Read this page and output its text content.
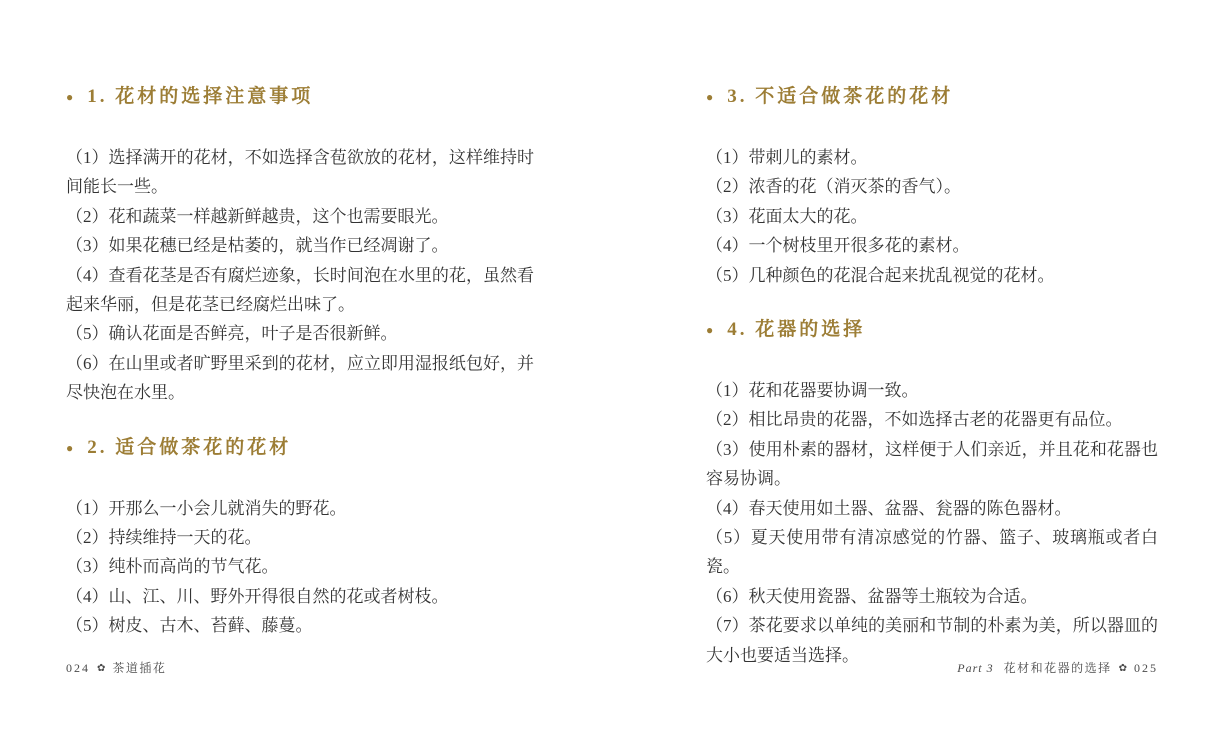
● 1. 花材的选择注意事项

（1）选择满开的花材，不如选择含苞欲放的花材，这样维持时间能长一些。

（2）花和蔬菜一样越新鲜越贵，这个也需要眼光。

（3）如果花穗已经是枯萎的，就当作已经凋谢了。

（4）查看花茎是否有腐烂迹象，长时间泡在水里的花，虽然看起来华丽，但是花茎已经腐烂出味了。

（5）确认花面是否鲜亮，叶子是否很新鲜。

（6）在山里或者旷野里采到的花材，应立即用湿报纸包好，并尽快泡在水里。

● 2. 适合做茶花的花材

（1）开那么一小会儿就消失的野花。

（2）持续维持一天的花。

（3）纯朴而高尚的节气花。

（4）山、江、川、野外开得很自然的花或者树枝。

（5）树皮、古木、苔藓、藤蔓。

● 3. 不适合做茶花的花材

（1）带刺儿的素材。

（2）浓香的花（消灭茶的香气）。

（3）花面太大的花。

（4）一个树枝里开很多花的素材。

（5）几种颜色的花混合起来扰乱视觉的花材。

● 4. 花器的选择

（1）花和花器要协调一致。

（2）相比昂贵的花器，不如选择古老的花器更有品位。

（3）使用朴素的器材，这样便于人们亲近，并且花和花器也容易协调。

（4）春天使用如土器、盆器、瓮器的陈色器材。

（5）夏天使用带有清凉感觉的竹器、篮子、玻璃瓶或者白瓷。

（6）秋天使用瓷器、盆器等土瓶较为合适。

（7）茶花要求以单纯的美丽和节制的朴素为美，所以器皿的大小也要适当选择。

024 ✿ 茶道插花	Part 3 花材和花器的选择 ✿ 025
